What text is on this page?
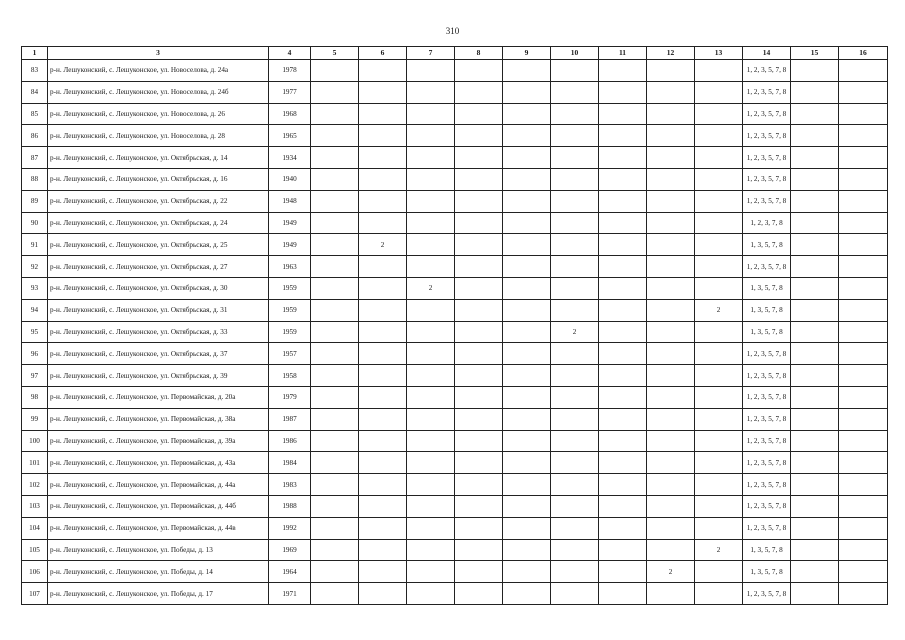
310
1	3	4	5	6	7	8	9	10	11	12	13	14	15	16
83	р-н. Лешуконский, с. Лешуконское, ул. Новоселова, д. 24а	1978										1, 2, 3, 5, 7, 8		
84	р-н. Лешуконский, с. Лешуконское, ул. Новоселова, д. 24б	1977										1, 2, 3, 5, 7, 8		
85	р-н. Лешуконский, с. Лешуконское, ул. Новоселова, д. 26	1968										1, 2, 3, 5, 7, 8		
86	р-н. Лешуконский, с. Лешуконское, ул. Новоселова, д. 28	1965										1, 2, 3, 5, 7, 8		
87	р-н. Лешуконский, с. Лешуконское, ул. Октябрьская, д. 14	1934										1, 2, 3, 5, 7, 8		
88	р-н. Лешуконский, с. Лешуконское, ул. Октябрьская, д. 16	1940										1, 2, 3, 5, 7, 8		
89	р-н. Лешуконский, с. Лешуконское, ул. Октябрьская, д. 22	1948										1, 2, 3, 5, 7, 8		
90	р-н. Лешуконский, с. Лешуконское, ул. Октябрьская, д. 24	1949										1, 2, 3, 7, 8		
91	р-н. Лешуконский, с. Лешуконское, ул. Октябрьская, д. 25	1949		2								1, 3, 5, 7, 8		
92	р-н. Лешуконский, с. Лешуконское, ул. Октябрьская, д. 27	1963										1, 2, 3, 5, 7, 8		
93	р-н. Лешуконский, с. Лешуконское, ул. Октябрьская, д. 30	1959			2							1, 3, 5, 7, 8		
94	р-н. Лешуконский, с. Лешуконское, ул. Октябрьская, д. 31	1959									2	1, 3, 5, 7, 8		
95	р-н. Лешуконский, с. Лешуконское, ул. Октябрьская, д. 33	1959						2				1, 3, 5, 7, 8		
96	р-н. Лешуконский, с. Лешуконское, ул. Октябрьская, д. 37	1957										1, 2, 3, 5, 7, 8		
97	р-н. Лешуконский, с. Лешуконское, ул. Октябрьская, д. 39	1958										1, 2, 3, 5, 7, 8		
98	р-н. Лешуконский, с. Лешуконское, ул. Первомайская, д. 20а	1979										1, 2, 3, 5, 7, 8		
99	р-н. Лешуконский, с. Лешуконское, ул. Первомайская, д. 38а	1987										1, 2, 3, 5, 7, 8		
100	р-н. Лешуконский, с. Лешуконское, ул. Первомайская, д. 39а	1986										1, 2, 3, 5, 7, 8		
101	р-н. Лешуконский, с. Лешуконское, ул. Первомайская, д. 43а	1984										1, 2, 3, 5, 7, 8		
102	р-н. Лешуконский, с. Лешуконское, ул. Первомайская, д. 44а	1983										1, 2, 3, 5, 7, 8		
103	р-н. Лешуконский, с. Лешуконское, ул. Первомайская, д. 44б	1988										1, 2, 3, 5, 7, 8		
104	р-н. Лешуконский, с. Лешуконское, ул. Первомайская, д. 44в	1992										1, 2, 3, 5, 7, 8		
105	р-н. Лешуконский, с. Лешуконское, ул. Победы, д. 13	1969									2	1, 3, 5, 7, 8		
106	р-н. Лешуконский, с. Лешуконское, ул. Победы, д. 14	1964								2		1, 3, 5, 7, 8		
107	р-н. Лешуконский, с. Лешуконское, ул. Победы, д. 17	1971										1, 2, 3, 5, 7, 8		
